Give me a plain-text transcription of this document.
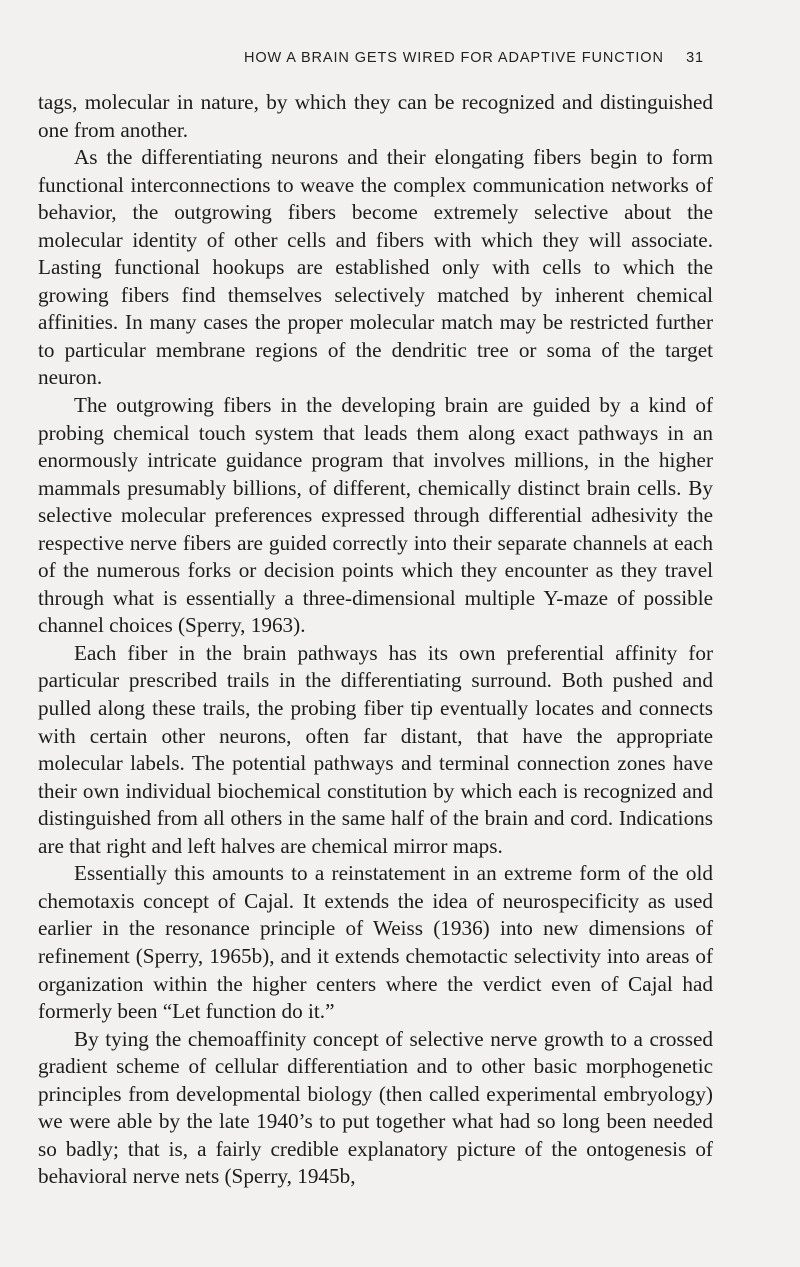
HOW A BRAIN GETS WIRED FOR ADAPTIVE FUNCTION 31

tags, molecular in nature, by which they can be recognized and distinguished one from another.

As the differentiating neurons and their elongating fibers begin to form functional interconnections to weave the complex communication networks of behavior, the outgrowing fibers become extremely selective about the molecular identity of other cells and fibers with which they will associate. Lasting functional hookups are established only with cells to which the growing fibers find themselves selectively matched by inherent chemical affinities. In many cases the proper molecular match may be restricted further to particular membrane regions of the dendritic tree or soma of the target neuron.

The outgrowing fibers in the developing brain are guided by a kind of probing chemical touch system that leads them along exact pathways in an enormously intricate guidance program that involves millions, in the higher mammals presumably billions, of different, chemically distinct brain cells. By selective molecular preferences expressed through differential adhesivity the respective nerve fibers are guided correctly into their separate channels at each of the numerous forks or decision points which they encounter as they travel through what is essentially a three-dimensional multiple Y-maze of possible channel choices (Sperry, 1963).

Each fiber in the brain pathways has its own preferential affinity for particular prescribed trails in the differentiating surround. Both pushed and pulled along these trails, the probing fiber tip eventually locates and connects with certain other neurons, often far distant, that have the appropriate molecular labels. The potential pathways and terminal connection zones have their own individual biochemical constitution by which each is recognized and distinguished from all others in the same half of the brain and cord. Indications are that right and left halves are chemical mirror maps.

Essentially this amounts to a reinstatement in an extreme form of the old chemotaxis concept of Cajal. It extends the idea of neurospecificity as used earlier in the resonance principle of Weiss (1936) into new dimensions of refinement (Sperry, 1965b), and it extends chemotactic selectivity into areas of organization within the higher centers where the verdict even of Cajal had formerly been “Let function do it.”

By tying the chemoaffinity concept of selective nerve growth to a crossed gradient scheme of cellular differentiation and to other basic morphogenetic principles from developmental biology (then called experimental embryology) we were able by the late 1940’s to put together what had so long been needed so badly; that is, a fairly credible explanatory picture of the ontogenesis of behavioral nerve nets (Sperry, 1945b,
